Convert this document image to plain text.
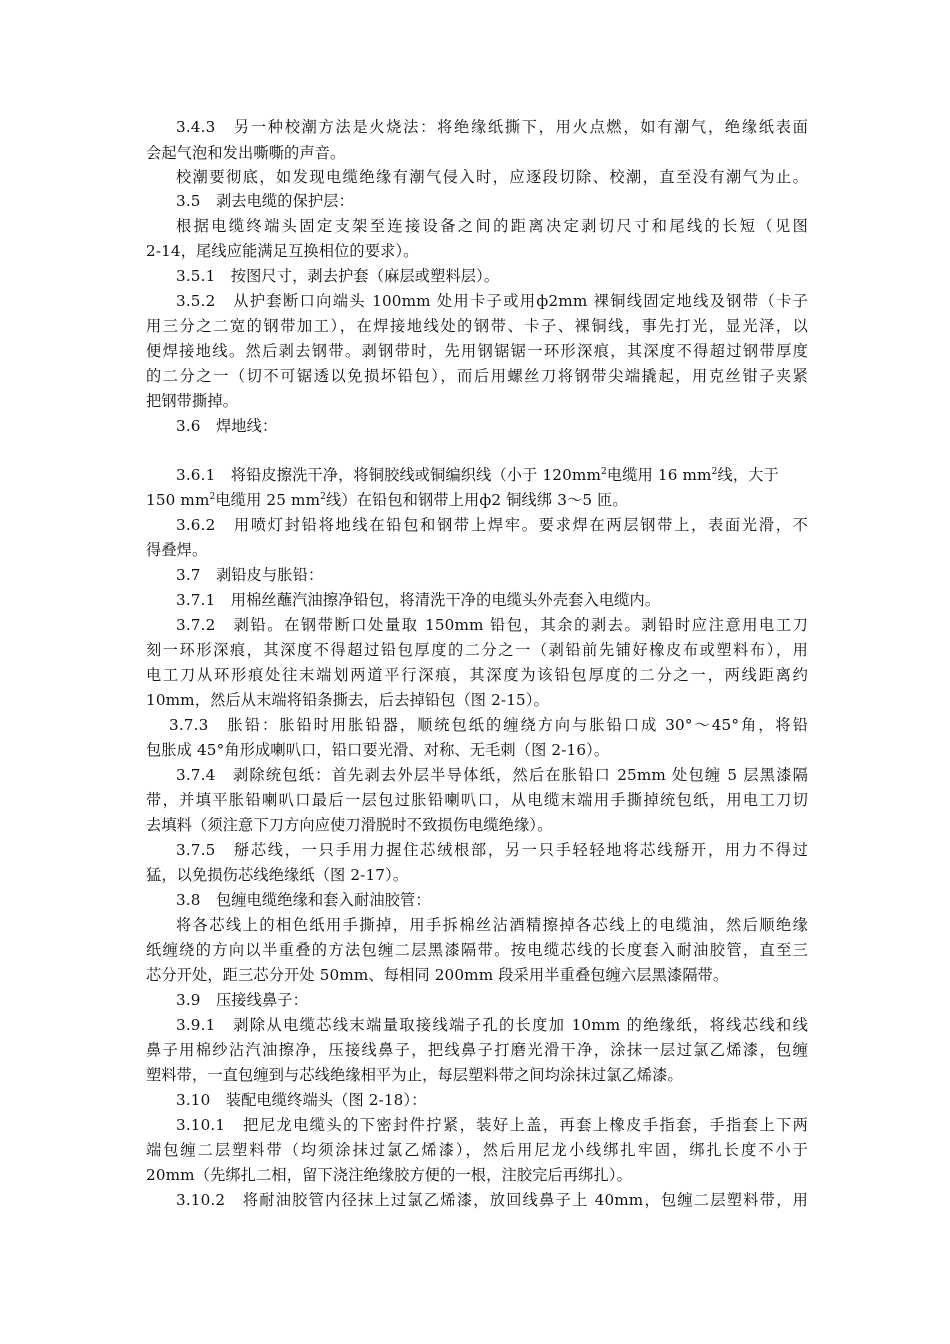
3.4.3　另一种校潮方法是火烧法：将绝缘纸撕下，用火点燃，如有潮气，绝缘纸表面
会起气泡和发出嘶嘶的声音。
校潮要彻底，如发现电缆绝缘有潮气侵入时，应逐段切除、校潮，直至没有潮气为止。
3.5　剥去电缆的保护层：
根据电缆终端头固定支架至连接设备之间的距离决定剥切尺寸和尾线的长短（见图
2-14，尾线应能满足互换相位的要求）。
3.5.1　按图尺寸，剥去护套（麻层或塑料层）。
3.5.2　从护套断口向端头 100mm 处用卡子或用ф2mm 裸铜线固定地线及钢带（卡子
用三分之二宽的钢带加工），在焊接地线处的钢带、卡子、裸铜线，事先打光，显光泽，以
便焊接地线。然后剥去钢带。剥钢带时，先用钢锯锯一环形深痕，其深度不得超过钢带厚度
的二分之一（切不可锯透以免损坏铅包），而后用螺丝刀将钢带尖端撬起，用克丝钳子夹紧
把钢带撕掉。
3.6　焊地线：
3.6.1　将铅皮擦洗干净，将铜胶线或铜编织线（小于 $120mm^2$电缆用 16 $mm^2$线，大于
150 $mm^2$电缆用 25 $mm^2$线）在铅包和钢带上用ф2 铜线绑 3～5 匝。
3.6.2　用喷灯封铅将地线在铅包和钢带上焊牢。要求焊在两层钢带上，表面光滑，不
得叠焊。
3.7　剥铅皮与胀铅：
3.7.1　用棉丝蘸汽油擦净铅包，将清洗干净的电缆头外壳套入电缆内。
3.7.2　剥铅。在钢带断口处量取 150mm 铅包，其余的剥去。剥铅时应注意用电工刀
刻一环形深痕，其深度不得超过铅包厚度的二分之一（剥铅前先铺好橡皮布或塑料布），用
电工刀从环形痕处往末端划两道平行深痕，其深度为该铅包厚度的二分之一，两线距离约
10mm，然后从末端将铅条撕去，后去掉铅包（图 2-15）。
3.7.3　胀铅：胀铅时用胀铅器，顺统包纸的缠绕方向与胀铅口成 30°～45°角，将铅
包胀成 45°角形成喇叭口，铅口要光滑、对称、无毛刺（图 2-16）。
3.7.4　剥除统包纸：首先剥去外层半导体纸，然后在胀铅口 25mm 处包缠 5 层黑漆隔
带，并填平胀铅喇叭口最后一层包过胀铅喇叭口，从电缆末端用手撕掉统包纸，用电工刀切
去填料（须注意下刀方向应使刀滑脱时不致损伤电缆绝缘）。
3.7.5　掰芯线，一只手用力握住芯绒根部，另一只手轻轻地将芯线掰开，用力不得过
猛，以免损伤芯线绝缘纸（图 2-17）。
3.8　包缠电缆绝缘和套入耐油胶管：
将各芯线上的相色纸用手撕掉，用手拆棉丝沾酒精擦掉各芯线上的电缆油，然后顺绝缘
纸缠绕的方向以半重叠的方法包缠二层黑漆隔带。按电缆芯线的长度套入耐油胶管，直至三
芯分开处，距三芯分开处 50mm、每相同 200mm 段采用半重叠包缠六层黑漆隔带。
3.9　压接线鼻子：
3.9.1　剥除从电缆芯线末端量取接线端子孔的长度加 10mm 的绝缘纸，将线芯线和线
鼻子用棉纱沾汽油擦净，压接线鼻子，把线鼻子打磨光滑干净，涂抹一层过氯乙烯漆，包缠
塑料带，一直包缠到与芯线绝缘相平为止，每层塑料带之间均涂抹过氯乙烯漆。
3.10　装配电缆终端头（图 2-18）：
3.10.1　把尼龙电缆头的下密封件拧紧，装好上盖，再套上橡皮手指套，手指套上下两
端包缠二层塑料带（均须涂抹过氯乙烯漆），然后用尼龙小线绑扎牢固，绑扎长度不小于
20mm（先绑扎二相，留下浇注绝缘胶方便的一根，注胶完后再绑扎）。
3.10.2　将耐油胶管内径抹上过氯乙烯漆，放回线鼻子上 40mm，包缠二层塑料带，用
